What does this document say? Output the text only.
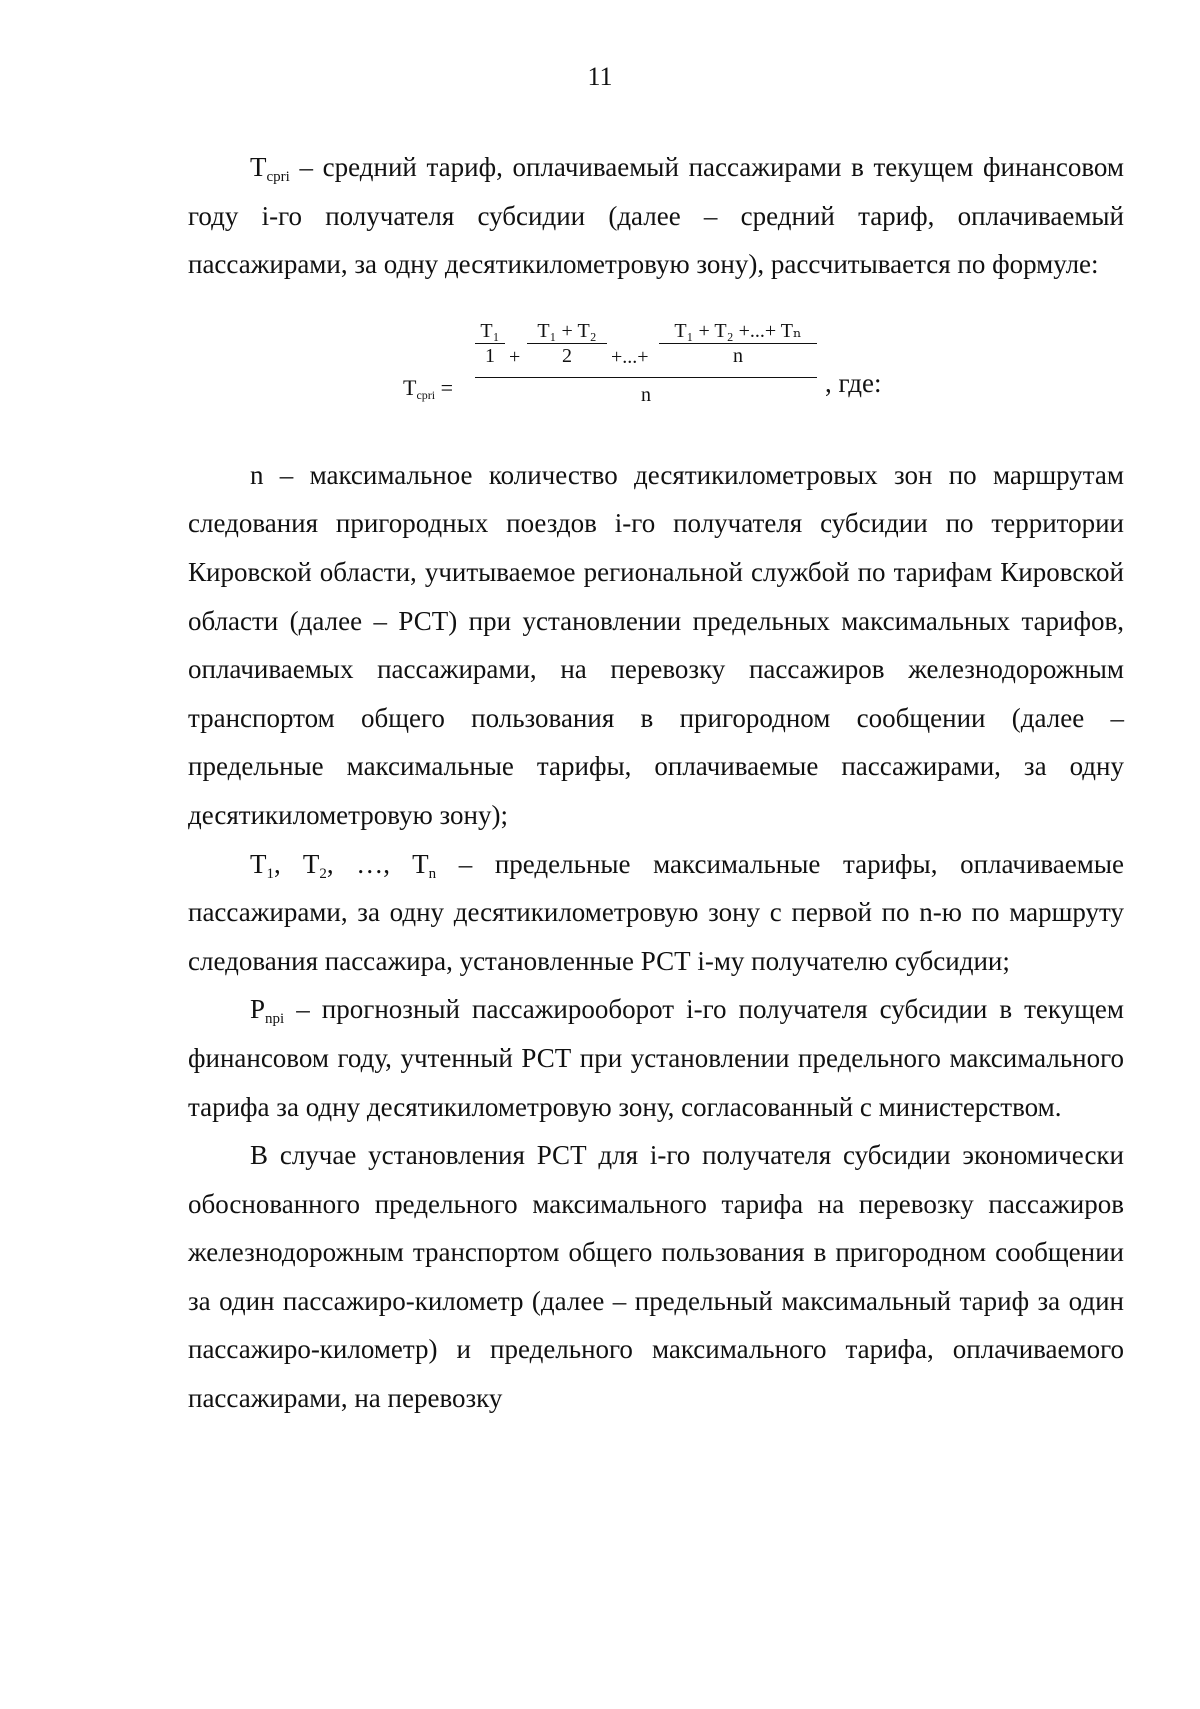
11

$T_{cpri}$ – средний тариф, оплачиваемый пассажирами в текущем финансовом году i-го получателя субсидии (далее – средний тариф, оплачиваемый пассажирами, за одну десятикилометровую зону), рассчитывается по формуле:

$T_{cpri}$ =
T₁
1 +
T₁ + T₂
2	+...+
T₁ + T₂ +...+ Tₙ
n
n	, где:

n – максимальное количество десятикилометровых зон по маршрутам следования пригородных поездов i-го получателя субсидии по территории Кировской области, учитываемое региональной службой по тарифам Кировской области (далее – РСТ) при установлении предельных максимальных тарифов, оплачиваемых пассажирами, на перевозку пассажиров железнодорожным транспортом общего пользования в пригородном сообщении (далее – предельные максимальные тарифы, оплачиваемые пассажирами, за одну десятикилометровую зону);

$T_1$, $T_2$, …, $T_n$ – предельные максимальные тарифы, оплачиваемые пассажирами, за одну десятикилометровую зону с первой по n-ю по маршруту следования пассажира, установленные РСТ i-му получателю субсидии;

$P_{npi}$ – прогнозный пассажирооборот i-го получателя субсидии в текущем финансовом году, учтенный РСТ при установлении предельного максимального тарифа за одну десятикилометровую зону, согласованный с министерством.

В случае установления РСТ для i-го получателя субсидии экономически обоснованного предельного максимального тарифа на перевозку пассажиров железнодорожным транспортом общего пользования в пригородном сообщении за один пассажиро-километр (далее – предельный максимальный тариф за один пассажиро-километр) и предельного максимального тарифа, оплачиваемого пассажирами, на перевозку
